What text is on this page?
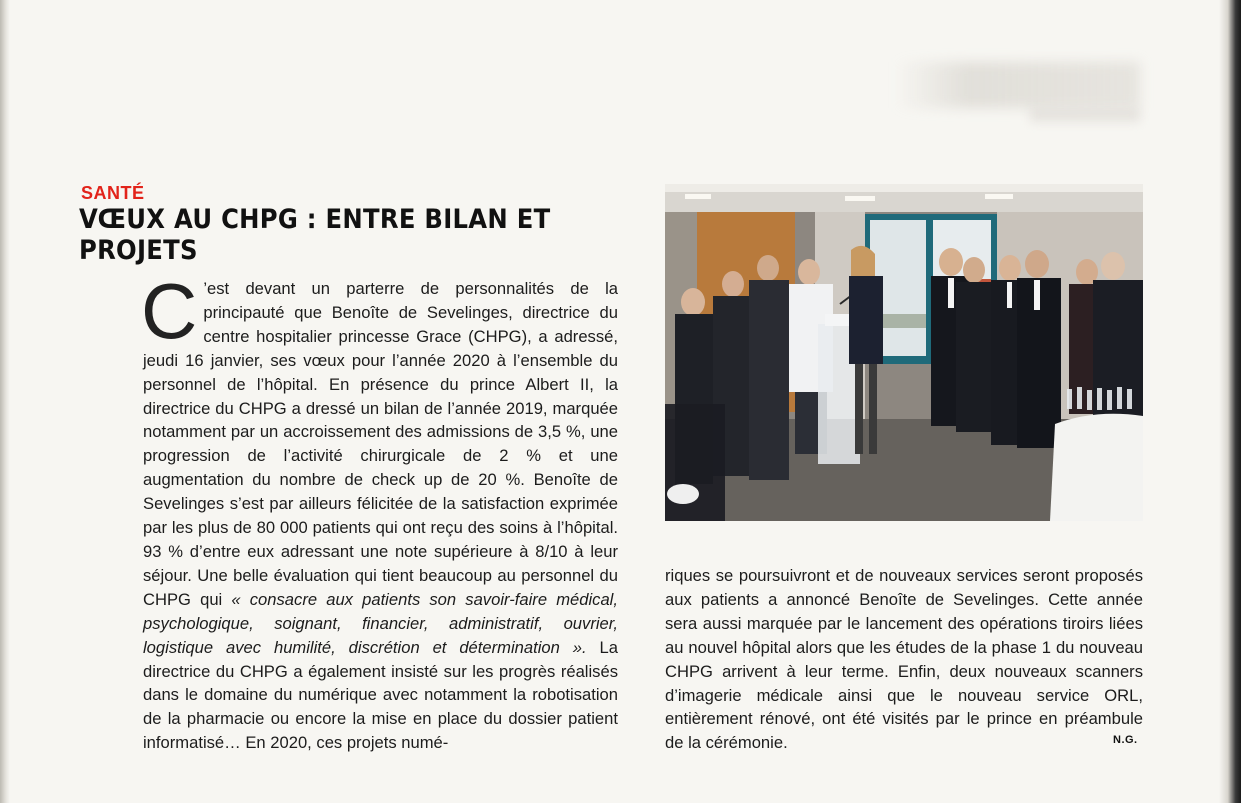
SANTÉ
VŒUX AU CHPG : ENTRE BILAN ET PROJETS
C ’est devant un parterre de personnalités de la principauté que Benoîte de Sevelinges, directrice du centre hospitalier princesse Grace (CHPG), a adressé, jeudi 16 janvier, ses vœux pour l’année 2020 à l’ensemble du personnel de l’hôpital. En présence du prince Albert II, la directrice du CHPG a dressé un bilan de l’année 2019, marquée notamment par un accroissement des admissions de 3,5 %, une progression de l’activité chirurgicale de 2 % et une augmentation du nombre de check up de 20 %. Benoîte de Sevelinges s’est par ailleurs félicitée de la satisfaction exprimée par les plus de 80 000 patients qui ont reçu des soins à l’hôpital. 93 % d’entre eux adressant une note supérieure à 8/10 à leur séjour. Une belle évaluation qui tient beaucoup au personnel du CHPG qui « consacre aux patients son savoir-faire médical, psychologique, soignant, financier, administratif, ouvrier, logistique avec humilité, discrétion et détermination ». La directrice du CHPG a également insisté sur les progrès réalisés dans le domaine du numérique avec notamment la robotisation de la pharmacie ou encore la mise en place du dossier patient informatisé… En 2020, ces projets numé-
riques se poursuivront et de nouveaux services seront proposés aux patients a annoncé Benoîte de Sevelinges. Cette année sera aussi marquée par le lancement des opérations tiroirs liées au nouvel hôpital alors que les études de la phase 1 du nouveau CHPG arrivent à leur terme. Enfin, deux nouveaux scanners d’imagerie médicale ainsi que le nouveau service ORL, entièrement rénové, ont été visités par le prince en préambule de la cérémonie.	N.G.
